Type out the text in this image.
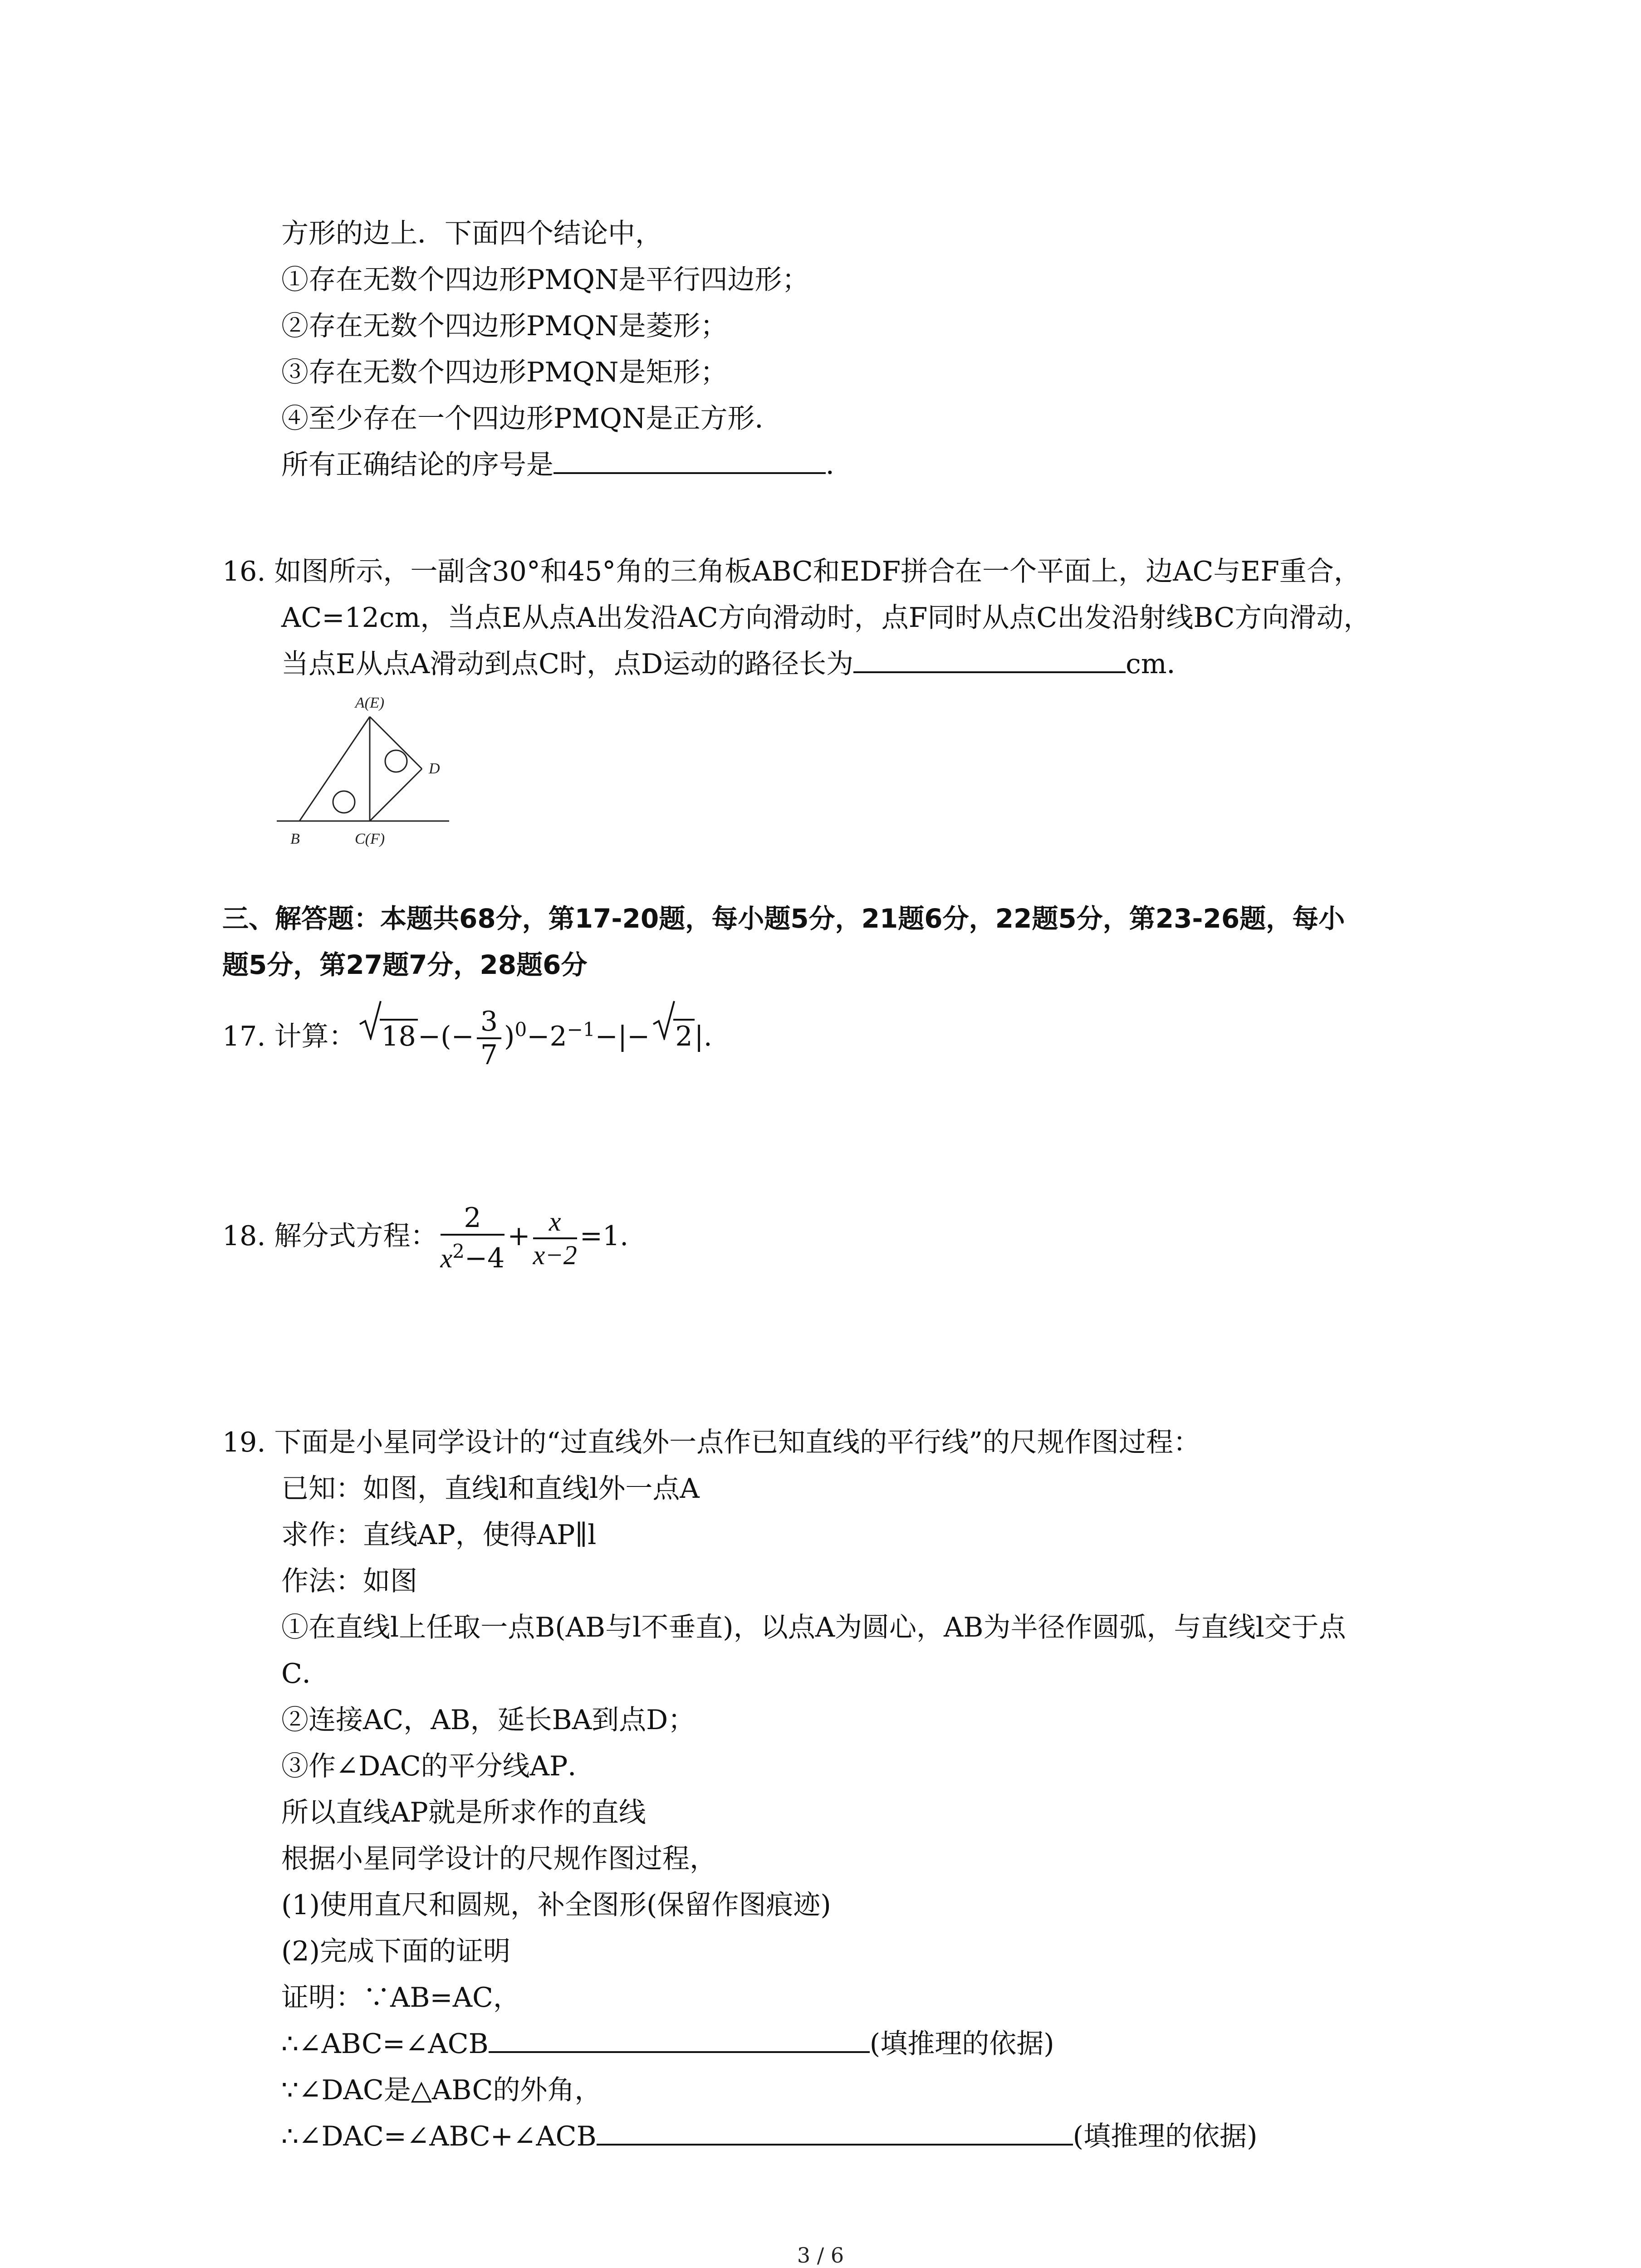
方形的边上．下面四个结论中，
①存在无数个四边形PMQN是平行四边形；
②存在无数个四边形PMQN是菱形；
③存在无数个四边形PMQN是矩形；
④至少存在一个四边形PMQN是正方形．
所有正确结论的序号是	．
16. 如图所示，一副含30°和45°角的三角板ABC和EDF拼合在一个平面上，边AC与EF重合，
AC=12cm，当点E从点A出发沿AC方向滑动时，点F同时从点C出发沿射线BC方向滑动，
当点E从点A滑动到点C时，点D运动的路径长为	cm．
A(E)
B	C(F)
D
三、解答题：本题共68分，第17-20题，每小题5分，21题6分，22题5分，第23-26题，每小
题5分，第27题7分，28题6分
17. 计算： $18-(- \frac{3}{7} )^0-2^{-1}-|- 2|$.
18. 解分式方程： $\frac{2}{x^2-4} + \frac{x}{x-2} =1$.
19. 下面是小星同学设计的“过直线外一点作已知直线的平行线”的尺规作图过程：
已知：如图，直线l和直线l外一点A
求作：直线AP，使得AP∥l
作法：如图
①在直线l上任取一点B(AB与l不垂直)，以点A为圆心，AB为半径作圆弧，与直线l交于点
C．
②连接AC，AB，延长BA到点D；
③作∠DAC的平分线AP．
所以直线AP就是所求作的直线
根据小星同学设计的尺规作图过程，
(1)使用直尺和圆规，补全图形(保留作图痕迹)
(2)完成下面的证明
证明：∵AB=AC，
∴∠ABC=∠ACB	(填推理的依据)
∵∠DAC是△ABC的外角，
∴∠DAC=∠ABC+∠ACB	(填推理的依据)
3 / 6
